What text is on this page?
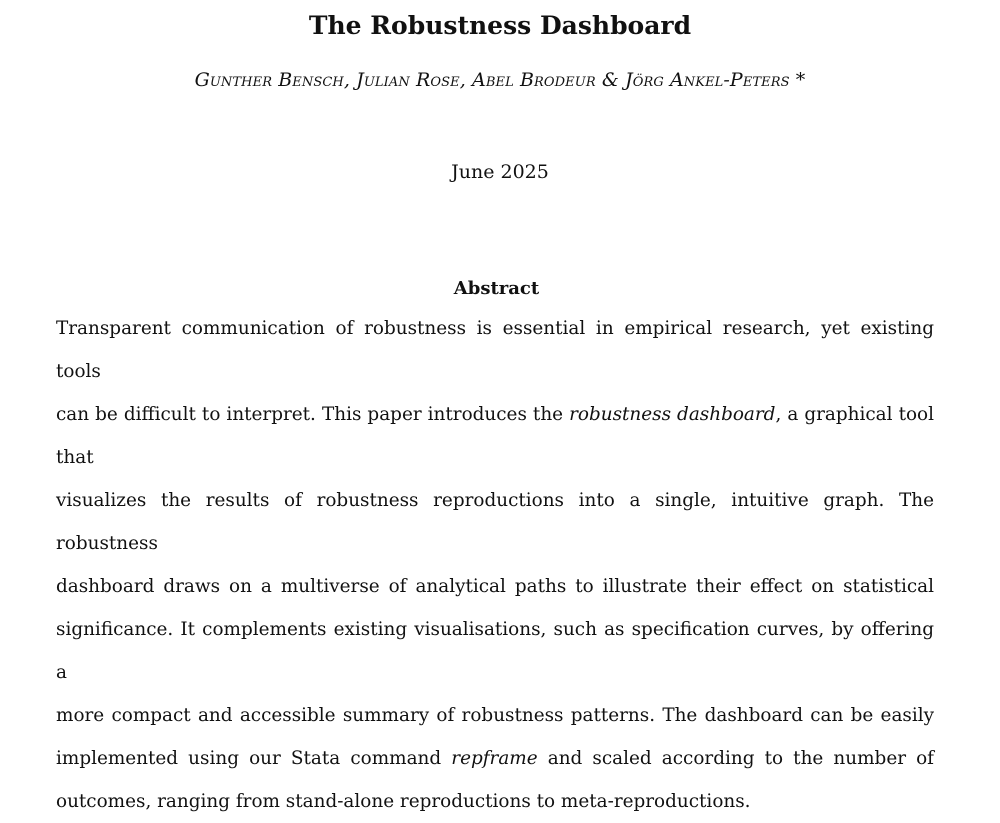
The Robustness Dashboard
Gunther Bensch, Julian Rose, Abel Brodeur & Jörg Ankel-Peters *
June 2025
Abstract
Transparent communication of robustness is essential in empirical research, yet existing tools
can be difficult to interpret. This paper introduces the robustness dashboard, a graphical tool that
visualizes the results of robustness reproductions into a single, intuitive graph. The robustness
dashboard draws on a multiverse of analytical paths to illustrate their effect on statistical
significance. It complements existing visualisations, such as specification curves, by offering a
more compact and accessible summary of robustness patterns. The dashboard can be easily
implemented using our Stata command repframe and scaled according to the number of
outcomes, ranging from stand-alone reproductions to meta-reproductions.
